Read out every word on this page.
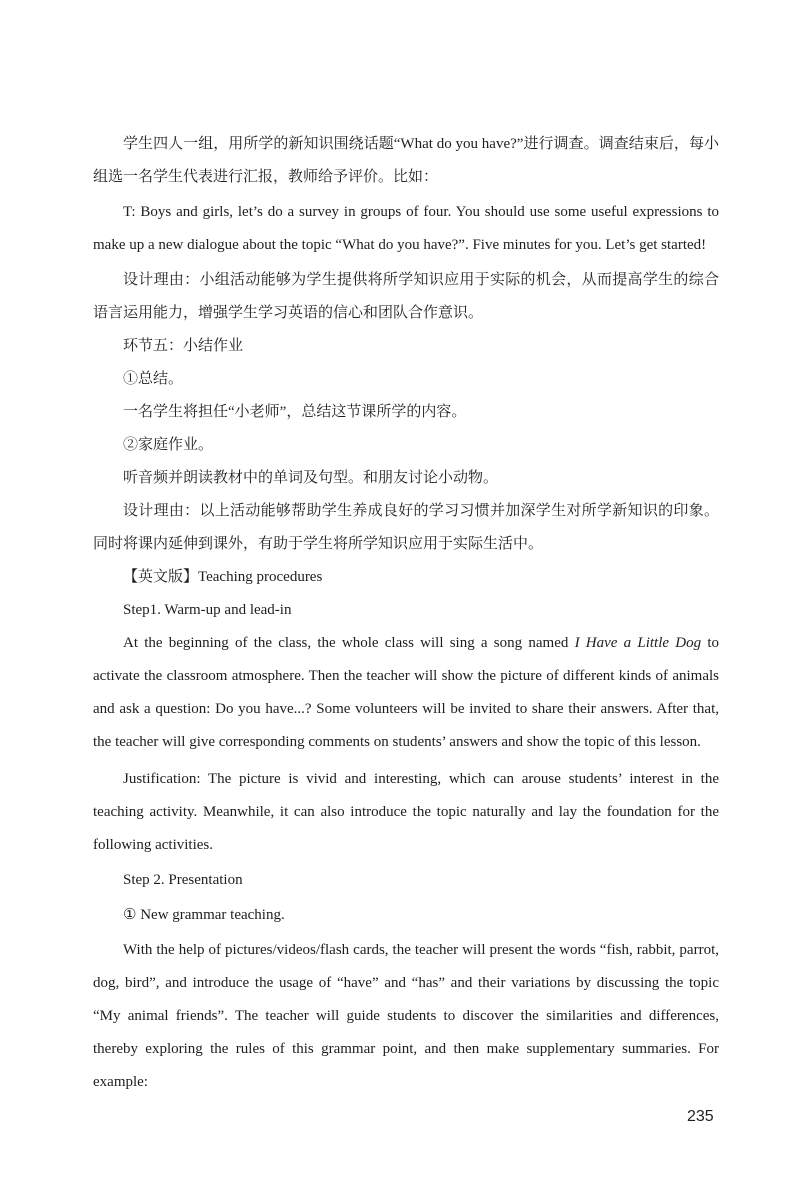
学生四人一组，用所学的新知识围绕话题“What do you have?”进行调查。调查结束后，每小组选一名学生代表进行汇报，教师给予评价。比如：

T: Boys and girls, let’s do a survey in groups of four. You should use some useful expressions to make up a new dialogue about the topic “What do you have?”. Five minutes for you. Let’s get started!

设计理由：小组活动能够为学生提供将所学知识应用于实际的机会，从而提高学生的综合语言运用能力，增强学生学习英语的信心和团队合作意识。

环节五：小结作业

①总结。

一名学生将担任“小老师”，总结这节课所学的内容。

②家庭作业。

听音频并朗读教材中的单词及句型。和朋友讨论小动物。

设计理由：以上活动能够帮助学生养成良好的学习习惯并加深学生对所学新知识的印象。同时将课内延伸到课外，有助于学生将所学知识应用于实际生活中。

【英文版】Teaching procedures

Step1. Warm-up and lead-in

At the beginning of the class, the whole class will sing a song named I Have a Little Dog to activate the classroom atmosphere. Then the teacher will show the picture of different kinds of animals and ask a question: Do you have...? Some volunteers will be invited to share their answers. After that, the teacher will give corresponding comments on students’ answers and show the topic of this lesson.

Justification: The picture is vivid and interesting, which can arouse students’ interest in the teaching activity. Meanwhile, it can also introduce the topic naturally and lay the foundation for the following activities.

Step 2. Presentation

① New grammar teaching.

With the help of pictures/videos/flash cards, the teacher will present the words “fish, rabbit, parrot, dog, bird”, and introduce the usage of “have” and “has” and their variations by discussing the topic “My animal friends”. The teacher will guide students to discover the similarities and differences, thereby exploring the rules of this grammar point, and then make supplementary summaries. For example:

235
